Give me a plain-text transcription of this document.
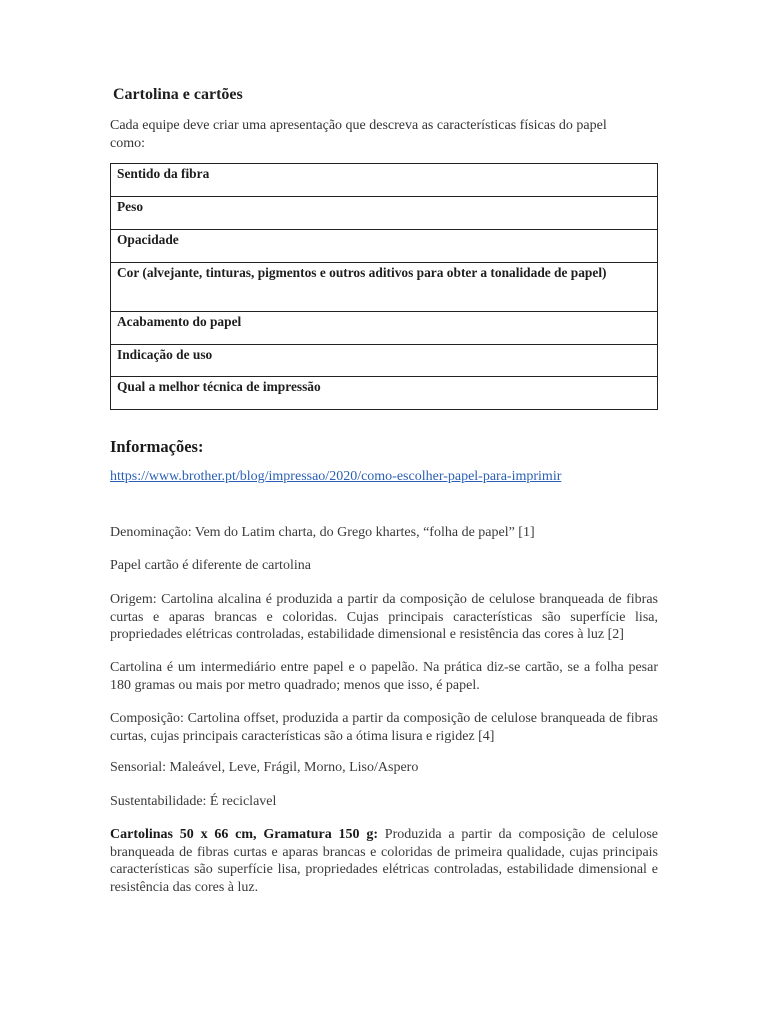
Cartolina e cartões

Cada equipe deve criar uma apresentação que descreva as características físicas do papel como:

Sentido da fibra

Peso

Opacidade

Cor (alvejante, tinturas, pigmentos e outros aditivos para obter a tonalidade de papel)

Acabamento do papel

Indicação de uso

Qual a melhor técnica de impressão
Informações:
https://www.brother.pt/blog/impressao/2020/como-escolher-papel-para-imprimir

Denominação: Vem do Latim charta, do Grego khartes, “folha de papel” [1]

Papel cartão é diferente de cartolina

Origem: Cartolina alcalina é produzida a partir da composição de celulose branqueada de fibras curtas e aparas brancas e coloridas. Cujas principais características são superfície lisa, propriedades elétricas controladas, estabilidade dimensional e resistência das cores à luz [2]

Cartolina é um intermediário entre papel e o papelão. Na prática diz-se cartão, se a folha pesar 180 gramas ou mais por metro quadrado; menos que isso, é papel.

Composição: Cartolina offset, produzida a partir da composição de celulose branqueada de fibras curtas, cujas principais características são a ótima lisura e rigidez [4]

Sensorial: Maleável, Leve, Frágil, Morno, Liso/Aspero

Sustentabilidade: É reciclavel

Cartolinas 50 x 66 cm, Gramatura 150 g: Produzida a partir da composição de celulose branqueada de fibras curtas e aparas brancas e coloridas de primeira qualidade, cujas principais características são superfície lisa, propriedades elétricas controladas, estabilidade dimensional e resistência das cores à luz.
